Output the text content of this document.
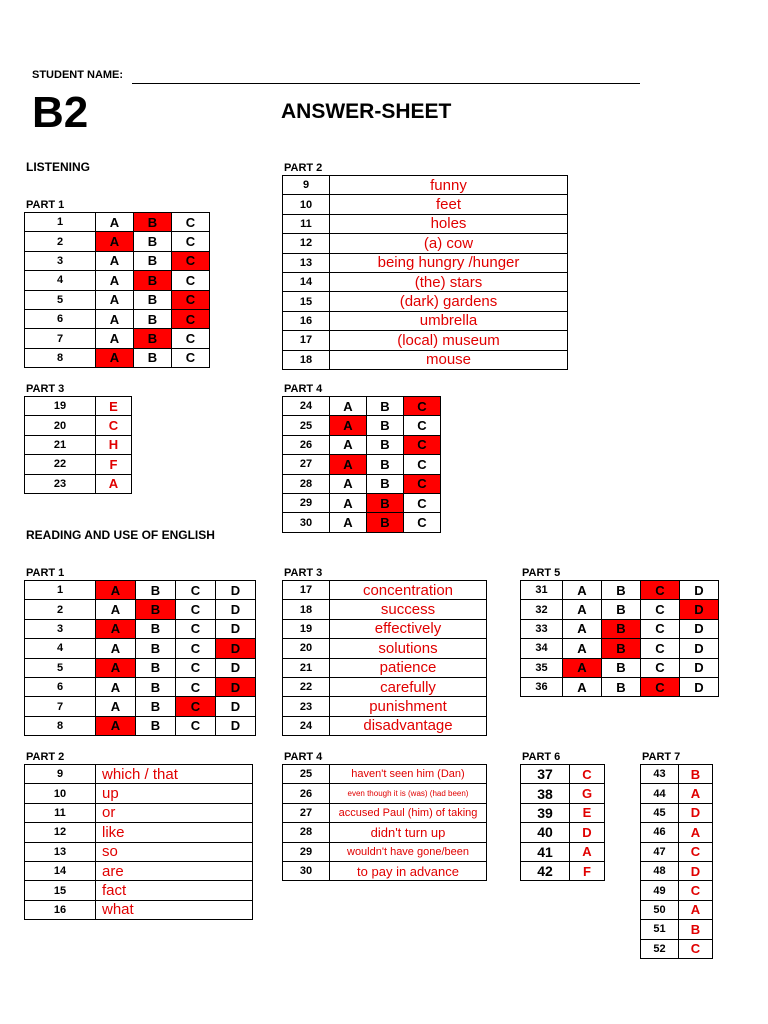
STUDENT NAME:
B2	ANSWER-SHEET
LISTENING
READING AND USE OF ENGLISH
PART 1
PART 2
PART 3	PART 4
PART 1	PART 3	PART 5
PART 2	PART 4	PART 6	PART 7
1	A	B	C
2	A	B	C
3	A	B	C
4	A	B	C
5	A	B	C
6	A	B	C
7	A	B	C
8	A	B	C
9	funny
10	feet
11	holes
12	(a) cow
13	being hungry /hunger
14	(the) stars
15	(dark) gardens
16	umbrella
17	(local) museum
18	mouse
19	E
20	C
21	H
22	F
23	A
24	A	B	C
25	A	B	C
26	A	B	C
27	A	B	C
28	A	B	C
29	A	B	C
30	A	B	C
1	A	B	C	D
2	A	B	C	D
3	A	B	C	D
4	A	B	C	D
5	A	B	C	D
6	A	B	C	D
7	A	B	C	D
8	A	B	C	D
17	concentration
18	success
19	effectively
20	solutions
21	patience
22	carefully
23	punishment
24	disadvantage
31	A	B	C	D
32	A	B	C	D
33	A	B	C	D
34	A	B	C	D
35	A	B	C	D
36	A	B	C	D
9	which / that
10	up
11	or
12	like
13	so
14	are
15	fact
16	what
25	haven't seen him (Dan)
26	even though it is (was) (had been)
27	accused Paul (him) of taking
28	didn't turn up
29	wouldn't have gone/been
30	to pay in advance
37	C
38	G
39	E
40	D
41	A
42	F
43	B
44	A
45	D
46	A
47	C
48	D
49	C
50	A
51	B
52	C
